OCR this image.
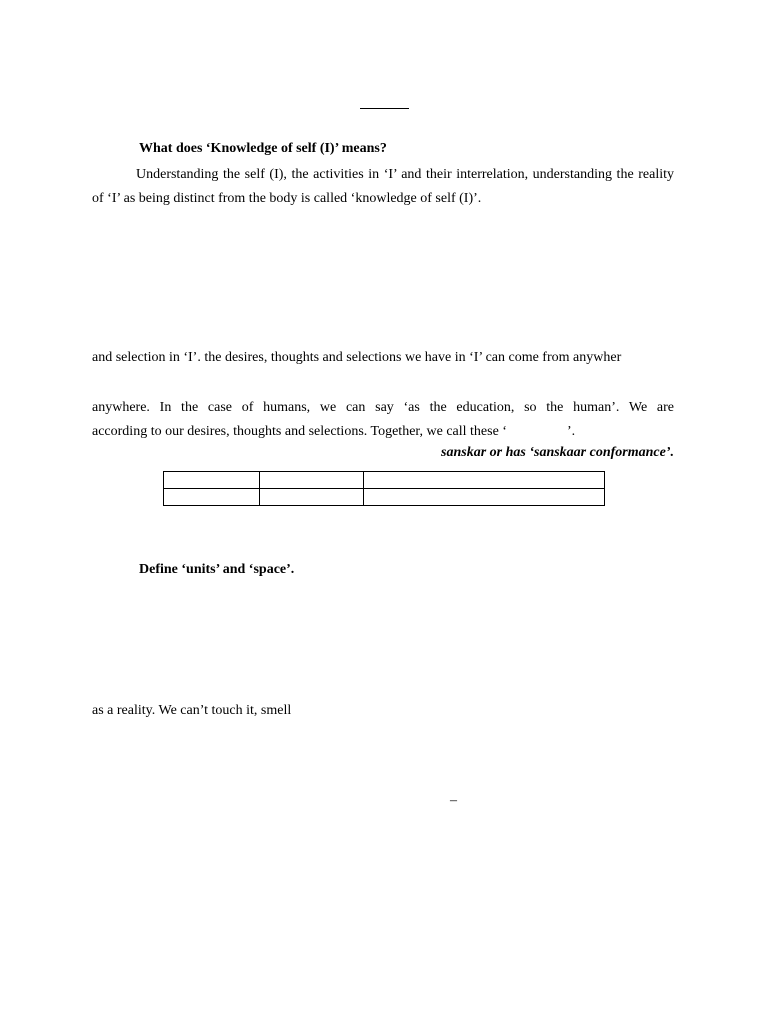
What does ‘Knowledge of self (I)’ means?
Understanding the self (I), the activities in ‘I’ and their interrelation, understanding the reality of ‘I’ as being distinct from the body is called ‘knowledge of self (I)’.
and selection in ‘I’. the desires, thoughts and selections we have in ‘I’ can come from anywher
anywhere. In the case of humans, we can say ‘as the education, so the human’. We are
according to our desires, thoughts and selections. Together, we call these ‘	’.
sanskar or has ‘sanskaar conformance’.

Define ‘units’ and ‘space’.
as a reality. We can’t touch it, smell
–
